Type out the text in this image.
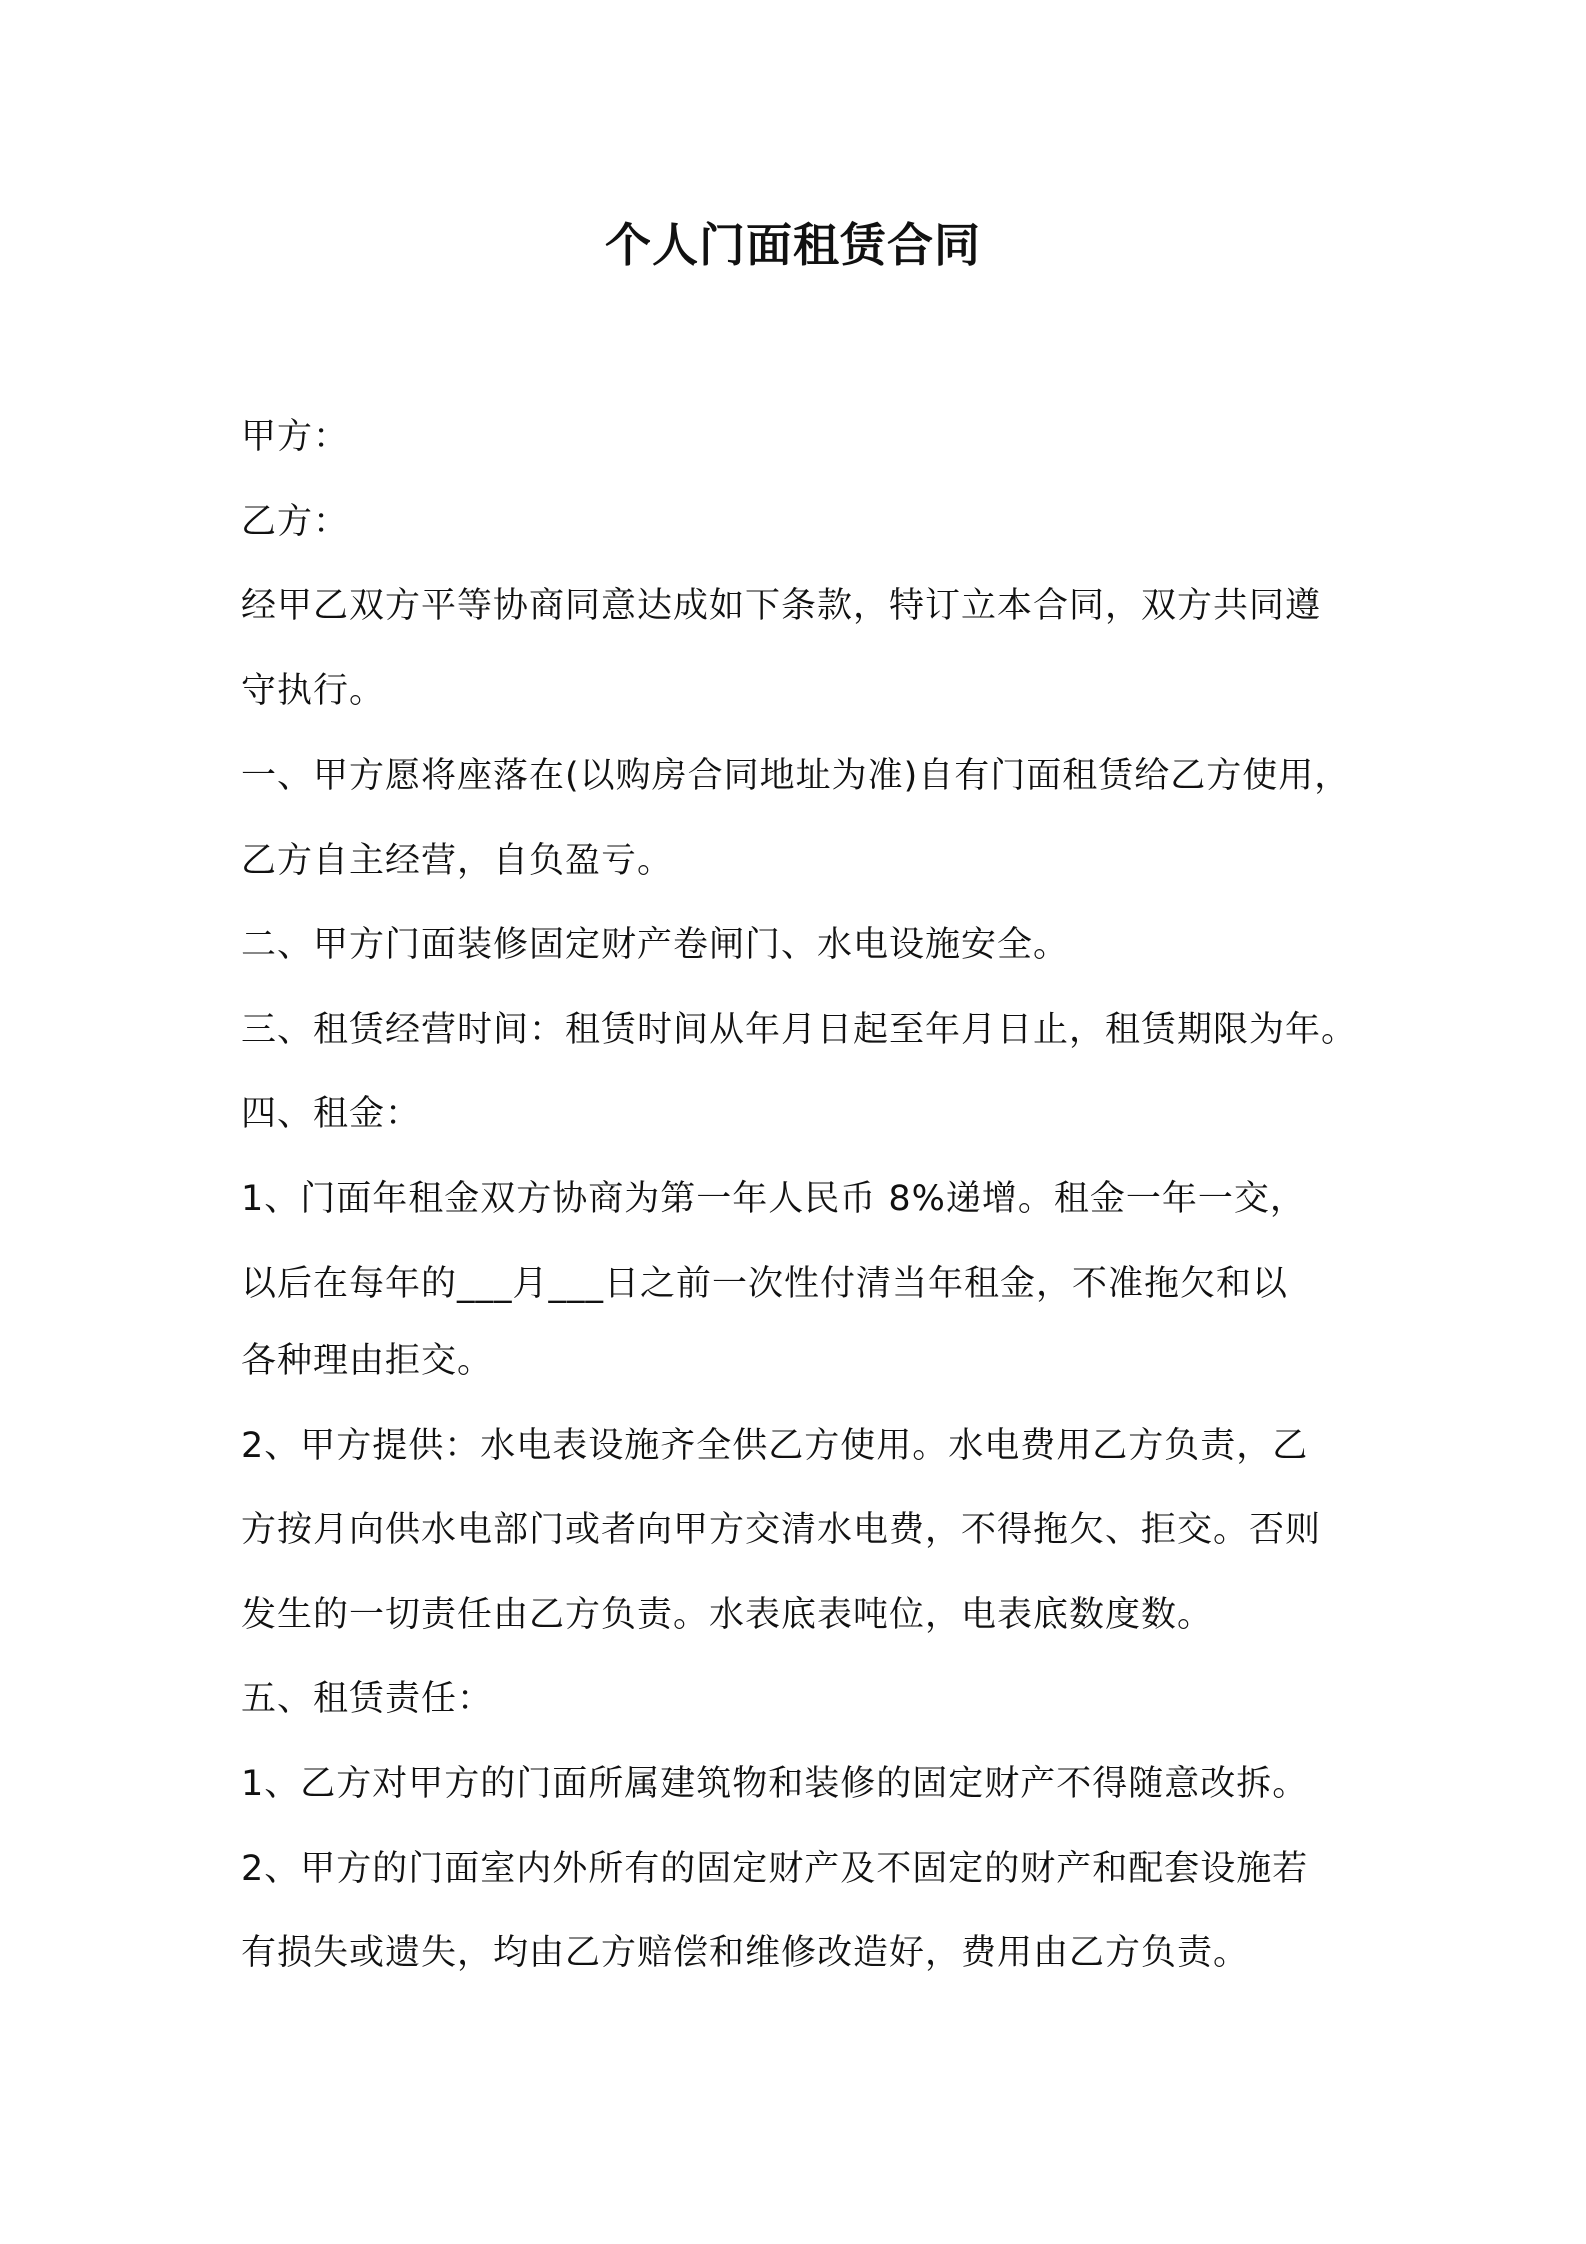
个人门面租赁合同
甲方：
乙方：
经甲乙双方平等协商同意达成如下条款，特订立本合同，双方共同遵
守执行。
一、甲方愿将座落在(以购房合同地址为准)自有门面租赁给乙方使用，
乙方自主经营，自负盈亏。
二、甲方门面装修固定财产卷闸门、水电设施安全。
三、租赁经营时间：租赁时间从年月日起至年月日止，租赁期限为年。
四、租金：
1、门面年租金双方协商为第一年人民币 8%递增。租金一年一交，
以后在每年的___月___日之前一次性付清当年租金，不准拖欠和以
各种理由拒交。
2、甲方提供：水电表设施齐全供乙方使用。水电费用乙方负责，乙
方按月向供水电部门或者向甲方交清水电费，不得拖欠、拒交。否则
发生的一切责任由乙方负责。水表底表吨位，电表底数度数。
五、租赁责任：
1、乙方对甲方的门面所属建筑物和装修的固定财产不得随意改拆。
2、甲方的门面室内外所有的固定财产及不固定的财产和配套设施若
有损失或遗失，均由乙方赔偿和维修改造好，费用由乙方负责。
